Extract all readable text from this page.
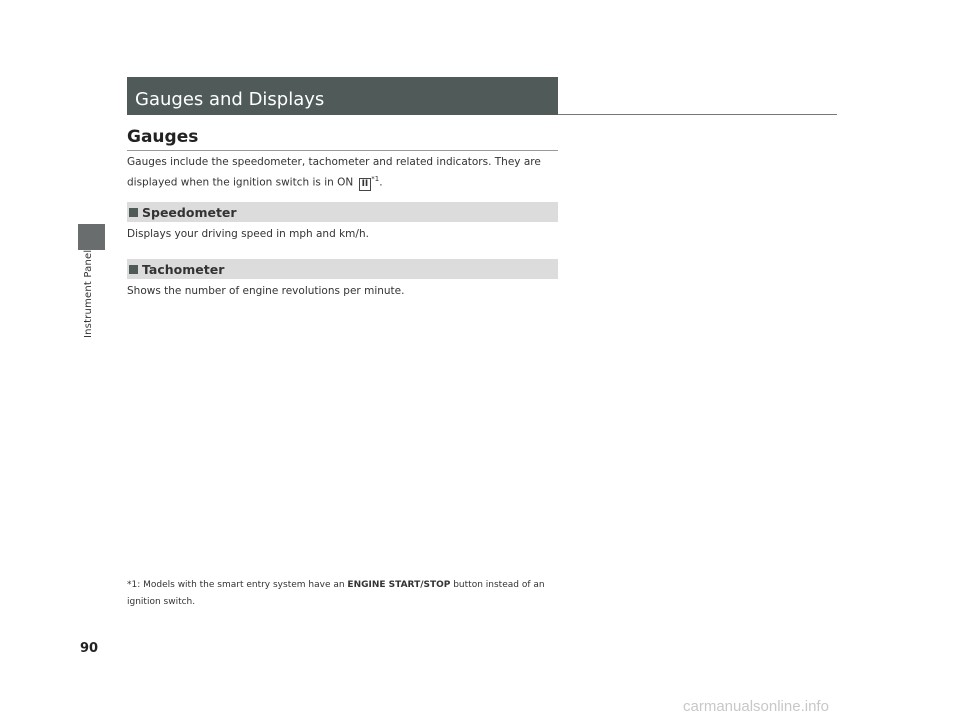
Instrument Panel
Gauges and Displays
Gauges

Gauges include the speedometer, tachometer and related indicators. They are
displayed when the ignition switch is in ON II $^{*1}$.

Speedometer

Displays your driving speed in mph and km/h.

Tachometer

Shows the number of engine revolutions per minute.

*1: Models with the smart entry system have an ENGINE START/STOP button instead of an
ignition switch.

90
carmanualsonline.info
